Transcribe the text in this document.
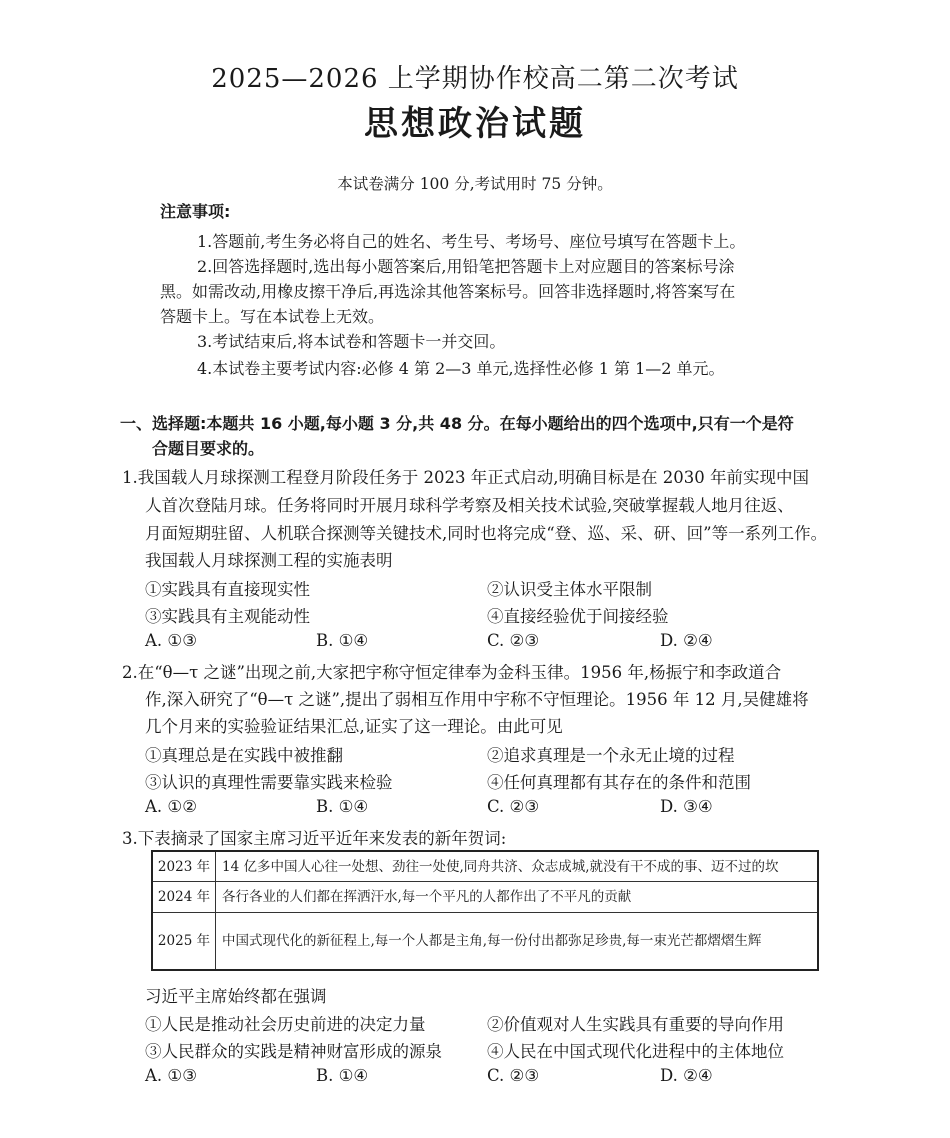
2025—2026 上学期协作校高二第二次考试
思想政治试题
本试卷满分 100 分,考试用时 75 分钟。
注意事项:
1.答题前,考生务必将自己的姓名、考生号、考场号、座位号填写在答题卡上。
2.回答选择题时,选出每小题答案后,用铅笔把答题卡上对应题目的答案标号涂
黑。如需改动,用橡皮擦干净后,再选涂其他答案标号。回答非选择题时,将答案写在
答题卡上。写在本试卷上无效。
3.考试结束后,将本试卷和答题卡一并交回。
4.本试卷主要考试内容:必修 4 第 2—3 单元,选择性必修 1 第 1—2 单元。
一、选择题:本题共 16 小题,每小题 3 分,共 48 分。在每小题给出的四个选项中,只有一个是符
合题目要求的。
1.我国载人月球探测工程登月阶段任务于 2023 年正式启动,明确目标是在 2030 年前实现中国
人首次登陆月球。任务将同时开展月球科学考察及相关技术试验,突破掌握载人地月往返、
月面短期驻留、人机联合探测等关键技术,同时也将完成“登、巡、采、研、回”等一系列工作。
我国载人月球探测工程的实施表明
①实践具有直接现实性	②认识受主体水平限制
③实践具有主观能动性	④直接经验优于间接经验
A. ①③	B. ①④	C. ②③	D. ②④
2.在“θ—τ 之谜”出现之前,大家把宇称守恒定律奉为金科玉律。1956 年,杨振宁和李政道合
作,深入研究了“θ—τ 之谜”,提出了弱相互作用中宇称不守恒理论。1956 年 12 月,吴健雄将
几个月来的实验验证结果汇总,证实了这一理论。由此可见
①真理总是在实践中被推翻	②追求真理是一个永无止境的过程
③认识的真理性需要靠实践来检验	④任何真理都有其存在的条件和范围
A. ①②	B. ①④	C. ②③	D. ③④
3.下表摘录了国家主席习近平近年来发表的新年贺词:
2023 年	14 亿多中国人心往一处想、劲往一处使,同舟共济、众志成城,就没有干不成的事、迈不过的坎
2024 年	各行各业的人们都在挥洒汗水,每一个平凡的人都作出了不平凡的贡献
2025 年	中国式现代化的新征程上,每一个人都是主角,每一份付出都弥足珍贵,每一束光芒都熠熠生辉
习近平主席始终都在强调
①人民是推动社会历史前进的决定力量	②价值观对人生实践具有重要的导向作用
③人民群众的实践是精神财富形成的源泉	④人民在中国式现代化进程中的主体地位
A. ①③	B. ①④	C. ②③	D. ②④
